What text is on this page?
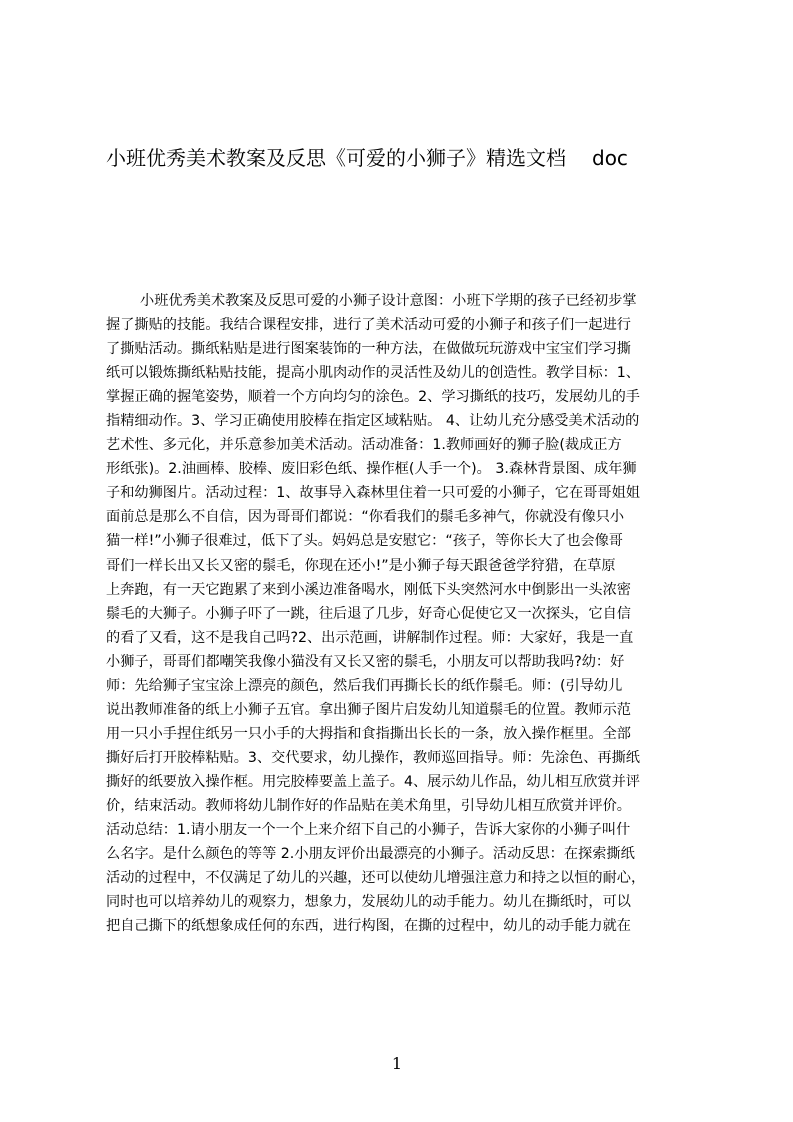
小班优秀美术教案及反思《可爱的小狮子》精选文档 doc
小班优秀美术教案及反思可爱的小狮子设计意图：小班下学期的孩子已经初步掌
握了撕贴的技能。我结合课程安排，进行了美术活动可爱的小狮子和孩子们一起进行
了撕贴活动。撕纸粘贴是进行图案装饰的一种方法，在做做玩玩游戏中宝宝们学习撕
纸可以锻炼撕纸粘贴技能，提高小肌肉动作的灵活性及幼儿的创造性。教学目标：1、
掌握正确的握笔姿势，顺着一个方向均匀的涂色。2、学习撕纸的技巧，发展幼儿的手
指精细动作。3、学习正确使用胶棒在指定区域粘贴。 4、让幼儿充分感受美术活动的
艺术性、多元化，并乐意参加美术活动。活动准备：1.教师画好的狮子脸(裁成正方
形纸张)。2.油画棒、胶棒、废旧彩色纸、操作框(人手一个)。 3.森林背景图、成年狮
子和幼狮图片。活动过程：1、故事导入森林里住着一只可爱的小狮子，它在哥哥姐姐
面前总是那么不自信，因为哥哥们都说：“你看我们的鬃毛多神气，你就没有像只小
猫一样!”小狮子很难过，低下了头。妈妈总是安慰它：“孩子，等你长大了也会像哥
哥们一样长出又长又密的鬃毛，你现在还小!”是小狮子每天跟爸爸学狩猎，在草原
上奔跑，有一天它跑累了来到小溪边准备喝水，刚低下头突然河水中倒影出一头浓密
鬃毛的大狮子。小狮子吓了一跳，往后退了几步，好奇心促使它又一次探头，它自信
的看了又看，这不是我自己吗?2、出示范画，讲解制作过程。师：大家好，我是一直
小狮子，哥哥们都嘲笑我像小猫没有又长又密的鬃毛，小朋友可以帮助我吗?幼：好
师：先给狮子宝宝涂上漂亮的颜色，然后我们再撕长长的纸作鬃毛。师：(引导幼儿
说出教师准备的纸上小狮子五官。拿出狮子图片启发幼儿知道鬃毛的位置。教师示范
用一只小手捏住纸另一只小手的大拇指和食指撕出长长的一条，放入操作框里。全部
撕好后打开胶棒粘贴。3、交代要求，幼儿操作，教师巡回指导。师：先涂色、再撕纸
撕好的纸要放入操作框。用完胶棒要盖上盖子。4、展示幼儿作品，幼儿相互欣赏并评
价，结束活动。教师将幼儿制作好的作品贴在美术角里，引导幼儿相互欣赏并评价。
活动总结：1.请小朋友一个一个上来介绍下自己的小狮子，告诉大家你的小狮子叫什
么名字。是什么颜色的等等 2.小朋友评价出最漂亮的小狮子。活动反思：在探索撕纸
活动的过程中，不仅满足了幼儿的兴趣，还可以使幼儿增强注意力和持之以恒的耐心，
同时也可以培养幼儿的观察力，想象力，发展幼儿的动手能力。幼儿在撕纸时，可以
把自己撕下的纸想象成任何的东西，进行构图，在撕的过程中，幼儿的动手能力就在
1
